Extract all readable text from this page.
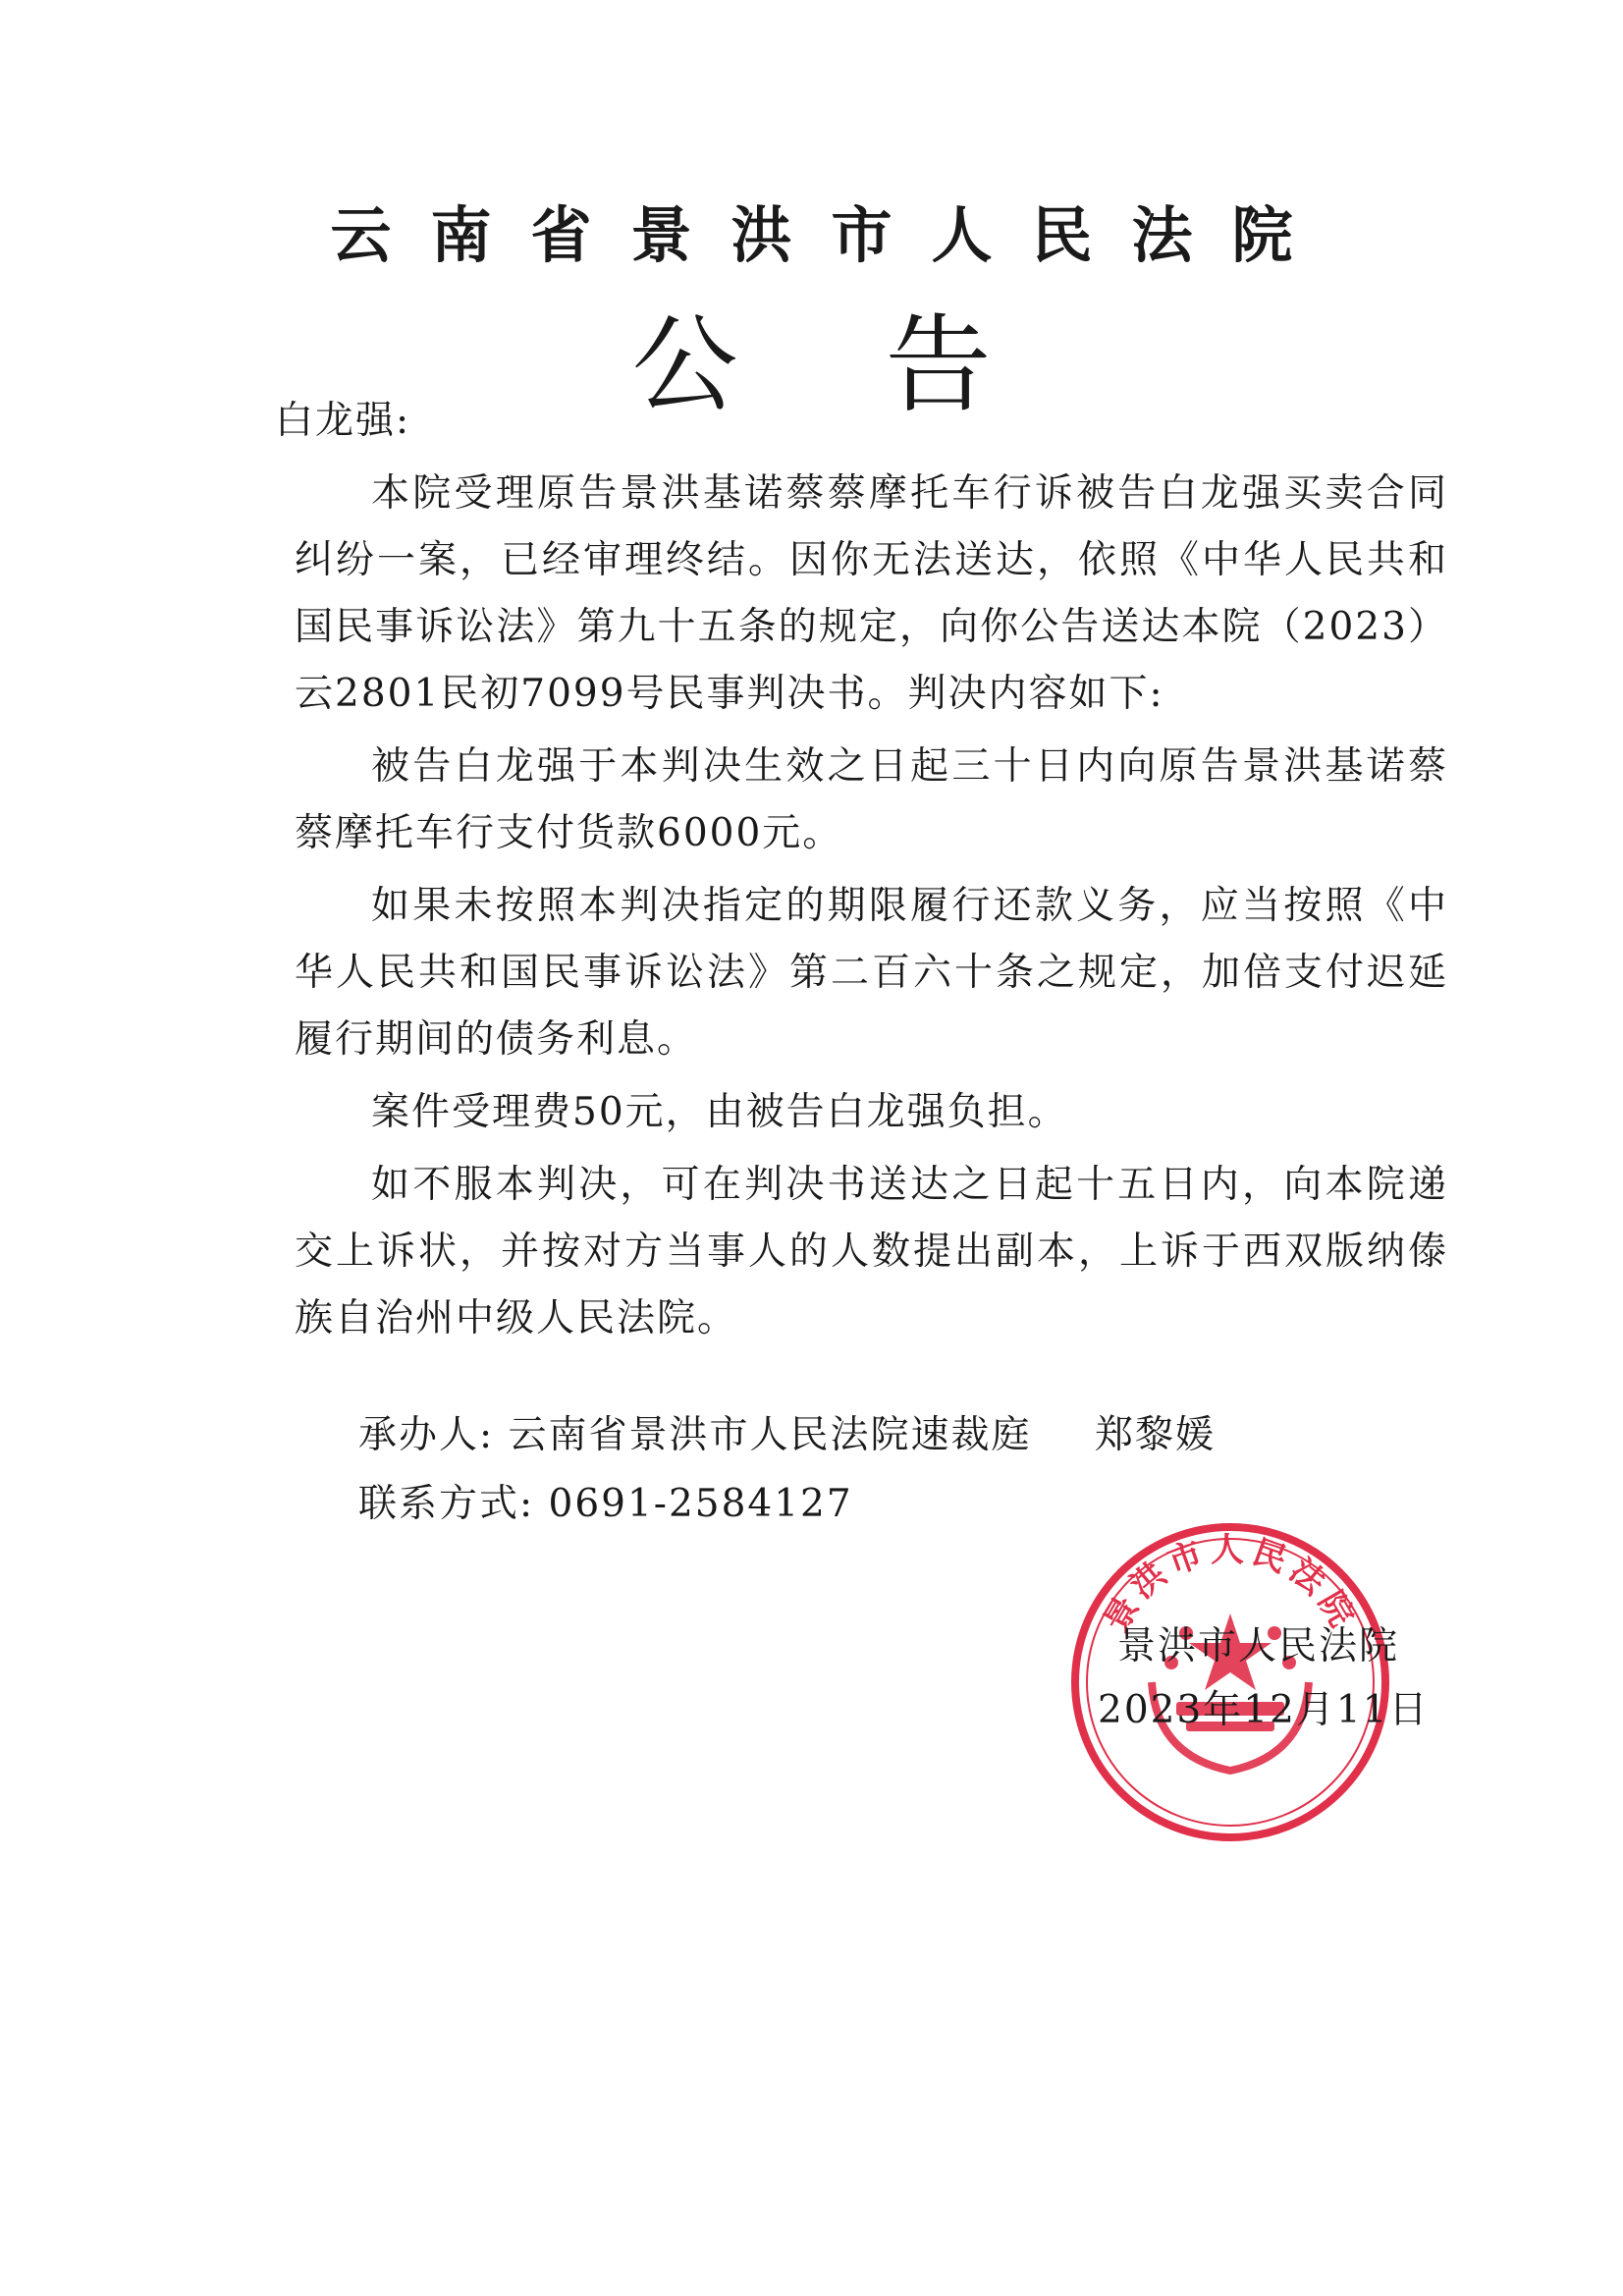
云南省景洪市人民法院
公告

白龙强:

本院受理原告景洪基诺蔡蔡摩托车行诉被告白龙强买卖合同纠纷一案，已经审理终结。因你无法送达，依照《中华人民共和国民事诉讼法》第九十五条的规定，向你公告送达本院（2023）云2801民初7099号民事判决书。判决内容如下:

被告白龙强于本判决生效之日起三十日内向原告景洪基诺蔡蔡摩托车行支付货款6000元。

如果未按照本判决指定的期限履行还款义务，应当按照《中华人民共和国民事诉讼法》第二百六十条之规定，加倍支付迟延履行期间的债务利息。

案件受理费50元，由被告白龙强负担。

如不服本判决，可在判决书送达之日起十五日内，向本院递交上诉状，并按对方当事人的人数提出副本，上诉于西双版纳傣族自治州中级人民法院。

承办人: 云南省景洪市人民法院速裁庭 郑黎媛
联系方式: 0691-2584127
景洪市人民法院
景洪市人民法院
2023年12月11日
